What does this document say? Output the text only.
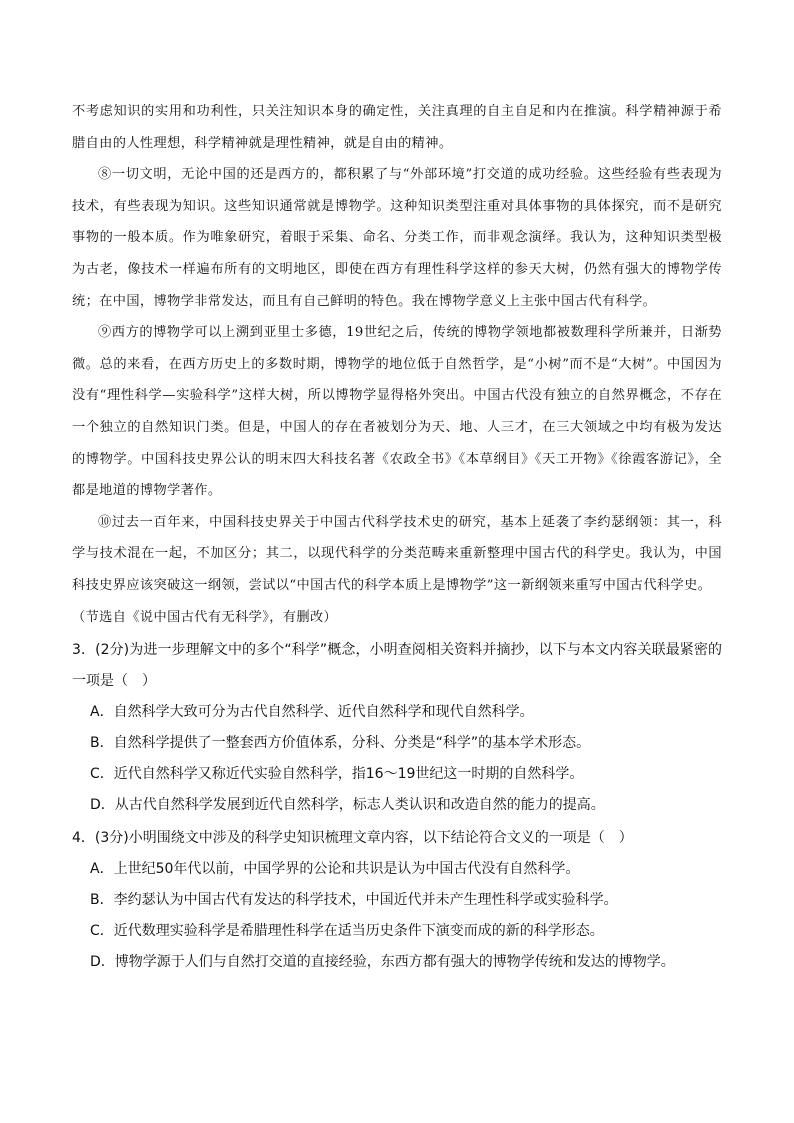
不考虑知识的实用和功利性，只关注知识本身的确定性，关注真理的自主自足和内在推演。科学精神源于希腊自由的人性理想，科学精神就是理性精神，就是自由的精神。

⑧一切文明，无论中国的还是西方的，都积累了与“外部环境”打交道的成功经验。这些经验有些表现为技术，有些表现为知识。这些知识通常就是博物学。这种知识类型注重对具体事物的具体探究，而不是研究事物的一般本质。作为唯象研究，着眼于采集、命名、分类工作，而非观念演绎。我认为，这种知识类型极为古老，像技术一样遍布所有的文明地区，即使在西方有理性科学这样的参天大树，仍然有强大的博物学传统；在中国，博物学非常发达，而且有自己鲜明的特色。我在博物学意义上主张中国古代有科学。

⑨西方的博物学可以上溯到亚里士多德，19世纪之后，传统的博物学领地都被数理科学所兼并，日渐势微。总的来看，在西方历史上的多数时期，博物学的地位低于自然哲学，是“小树”而不是“大树”。中国因为没有“理性科学—实验科学”这样大树，所以博物学显得格外突出。中国古代没有独立的自然界概念，不存在一个独立的自然知识门类。但是，中国人的存在者被划分为天、地、人三才，在三大领域之中均有极为发达的博物学。中国科技史界公认的明末四大科技名著《农政全书》《本草纲目》《天工开物》《徐霞客游记》，全都是地道的博物学著作。

⑩过去一百年来，中国科技史界关于中国古代科学技术史的研究，基本上延袭了李约瑟纲领：其一，科学与技术混在一起，不加区分；其二，以现代科学的分类范畴来重新整理中国古代的科学史。我认为，中国科技史界应该突破这一纲领，尝试以“中国古代的科学本质上是博物学”这一新纲领来重写中国古代科学史。

（节选自《说中国古代有无科学》，有删改）

3．(2分)为进一步理解文中的多个“科学”概念，小明查阅相关资料并摘抄，以下与本文内容关联最紧密的一项是（　）

A．自然科学大致可分为古代自然科学、近代自然科学和现代自然科学。
B．自然科学提供了一整套西方价值体系，分科、分类是“科学”的基本学术形态。
C．近代自然科学又称近代实验自然科学，指16～19世纪这一时期的自然科学。
D．从古代自然科学发展到近代自然科学，标志人类认识和改造自然的能力的提高。

4．(3分)小明围绕文中涉及的科学史知识梳理文章内容，以下结论符合文义的一项是（　）

A．上世纪50年代以前，中国学界的公论和共识是认为中国古代没有自然科学。
B．李约瑟认为中国古代有发达的科学技术，中国近代并未产生理性科学或实验科学。
C．近代数理实验科学是希腊理性科学在适当历史条件下演变而成的新的科学形态。
D．博物学源于人们与自然打交道的直接经验，东西方都有强大的博物学传统和发达的博物学。
